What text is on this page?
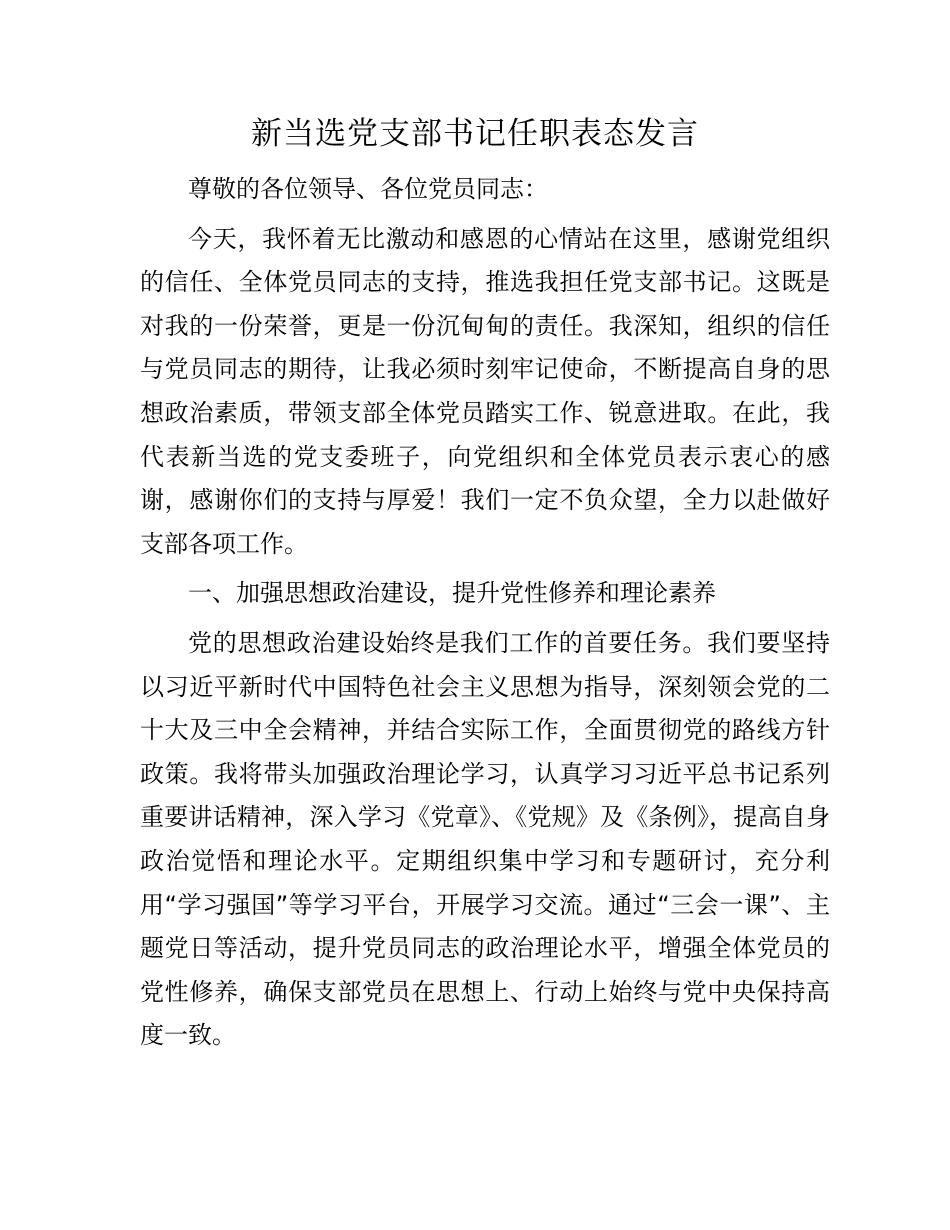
新当选党支部书记任职表态发言

尊敬的各位领导、各位党员同志：

今天，我怀着无比激动和感恩的心情站在这里，感谢党组织的信任、全体党员同志的支持，推选我担任党支部书记。这既是对我的一份荣誉，更是一份沉甸甸的责任。我深知，组织的信任与党员同志的期待，让我必须时刻牢记使命，不断提高自身的思想政治素质，带领支部全体党员踏实工作、锐意进取。在此，我代表新当选的党支委班子，向党组织和全体党员表示衷心的感谢，感谢你们的支持与厚爱！我们一定不负众望，全力以赴做好支部各项工作。

一、加强思想政治建设，提升党性修养和理论素养

党的思想政治建设始终是我们工作的首要任务。我们要坚持以习近平新时代中国特色社会主义思想为指导，深刻领会党的二十大及三中全会精神，并结合实际工作，全面贯彻党的路线方针政策。我将带头加强政治理论学习，认真学习习近平总书记系列重要讲话精神，深入学习《党章》、《党规》及《条例》，提高自身政治觉悟和理论水平。定期组织集中学习和专题研讨，充分利用“学习强国”等学习平台，开展学习交流。通过“三会一课”、主题党日等活动，提升党员同志的政治理论水平，增强全体党员的党性修养，确保支部党员在思想上、行动上始终与党中央保持高度一致。
